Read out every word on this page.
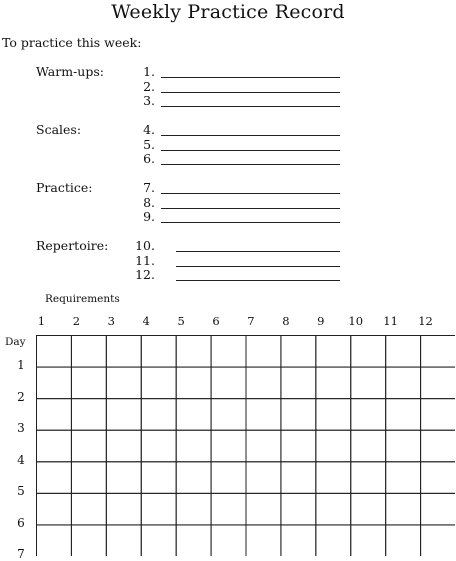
Weekly Practice Record
To practice this week:
Warm-ups:	1.
2.
3.
Scales:	4.
5.
6.
Practice:	7.
8.
9.
Repertoire: 10.
11.
12.
Requirements
1	2	3	4	5	6	7	8	9	10 11 12
Day
1
2
3
4
5
6
7
